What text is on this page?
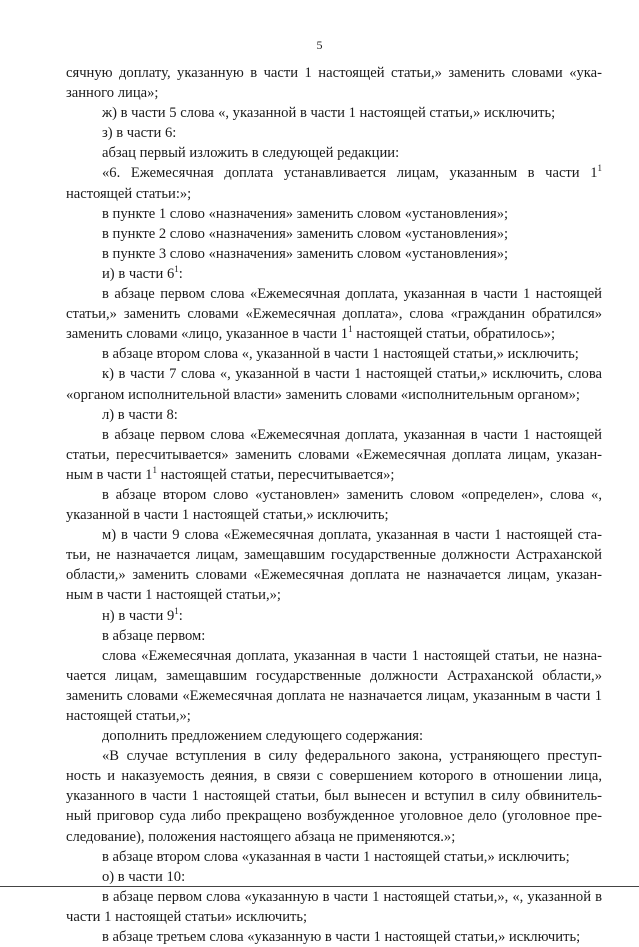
5

сячную доплату, указанную в части 1 настоящей статьи,» заменить словами «ука-занного лица»;

ж) в части 5 слова «, указанной в части 1 настоящей статьи,» исключить;

з) в части 6:

абзац первый изложить в следующей редакции:

«6. Ежемесячная доплата устанавливается лицам, указанным в части $1^1$ настоящей статьи:»;

в пункте 1 слово «назначения» заменить словом «установления»;

в пункте 2 слово «назначения» заменить словом «установления»;

в пункте 3 слово «назначения» заменить словом «установления»;

и) в части $6^1$:

в абзаце первом слова «Ежемесячная доплата, указанная в части 1 настоящей статьи,» заменить словами «Ежемесячная доплата», слова «гражданин обратился» заменить словами «лицо, указанное в части $1^1$ настоящей статьи, обратилось»;

в абзаце втором слова «, указанной в части 1 настоящей статьи,» исключить;

к) в части 7 слова «, указанной в части 1 настоящей статьи,» исключить, слова «органом исполнительной власти» заменить словами «исполнительным органом»;

л) в части 8:

в абзаце первом слова «Ежемесячная доплата, указанная в части 1 настоящей статьи, пересчитывается» заменить словами «Ежемесячная доплата лицам, указан-ным в части $1^1$ настоящей статьи, пересчитывается»;

в абзаце втором слово «установлен» заменить словом «определен», слова «, указанной в части 1 настоящей статьи,» исключить;

м) в части 9 слова «Ежемесячная доплата, указанная в части 1 настоящей ста-тьи, не назначается лицам, замещавшим государственные должности Астраханской области,» заменить словами «Ежемесячная доплата не назначается лицам, указан-ным в части 1 настоящей статьи,»;

н) в части $9^1$:

в абзаце первом:

слова «Ежемесячная доплата, указанная в части 1 настоящей статьи, не назна-чается лицам, замещавшим государственные должности Астраханской области,» заменить словами «Ежемесячная доплата не назначается лицам, указанным в части 1 настоящей статьи,»;

дополнить предложением следующего содержания:

«В случае вступления в силу федерального закона, устраняющего преступ-ность и наказуемость деяния, в связи с совершением которого в отношении лица, указанного в части 1 настоящей статьи, был вынесен и вступил в силу обвинитель-ный приговор суда либо прекращено возбужденное уголовное дело (уголовное пре-следование), положения настоящего абзаца не применяются.»;

в абзаце втором слова «указанная в части 1 настоящей статьи,» исключить;

о) в части 10:

в абзаце первом слова «указанную в части 1 настоящей статьи,», «, указанной в части 1 настоящей статьи» исключить;

в абзаце третьем слова «указанную в части 1 настоящей статьи,» исключить;
